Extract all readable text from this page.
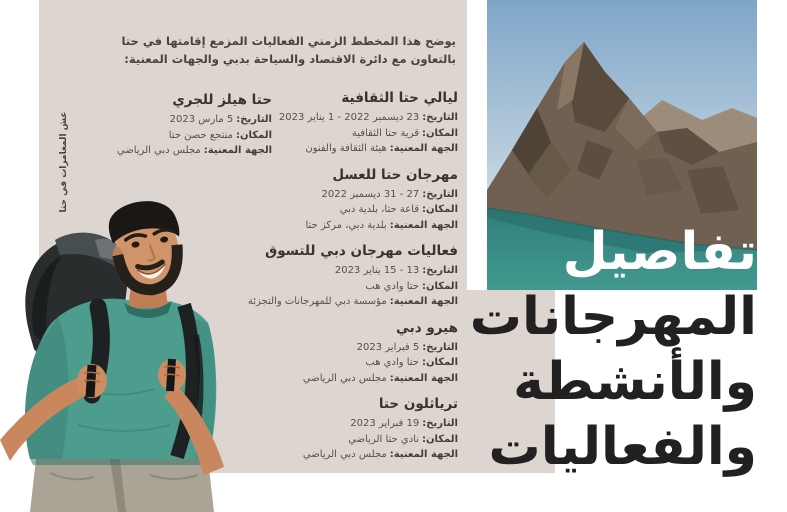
تفاصيل
المهرجانات
والأنشطة
والفعاليات
يوضح هذا المخطط الزمني الفعاليات المزمع إقامتها في حتا بالتعاون مع دائرة الاقتصاد والسياحة بدبي والجهات المعنية:
ليالي حتا الثقافية
التاريخ:23 ديسمبر 2022 - 1 يناير 2023
المكان:قرية حتا الثقافية
الجهة المعنية:هيئة الثقافة والفنون
مهرجان حتا للعسل
التاريخ:27 - 31 ديسمبر 2022
المكان:قاعة حتا، بلدية دبي
الجهة المعنية:بلدية دبي، مركز حتا
فعاليات مهرجان دبي للتسوق
التاريخ:13 - 15 يناير 2023
المكان:حتا وادي هب
الجهة المعنية:مؤسسة دبي للمهرجانات والتجزئة
هيرو دبي
التاريخ:5 فبراير 2023
المكان:حتا وادي هب
الجهة المعنية:مجلس دبي الرياضي
ترياثلون حتا
التاريخ:19 فبراير 2023
المكان:نادي حتا الرياضي
الجهة المعنية:مجلس دبي الرياضي
حتا هيلز للجري
التاريخ:5 مارس 2023
المكان:منتجع حصن حتا
الجهة المعنية:مجلس دبي الرياضي
عش المغامرات في حتا
